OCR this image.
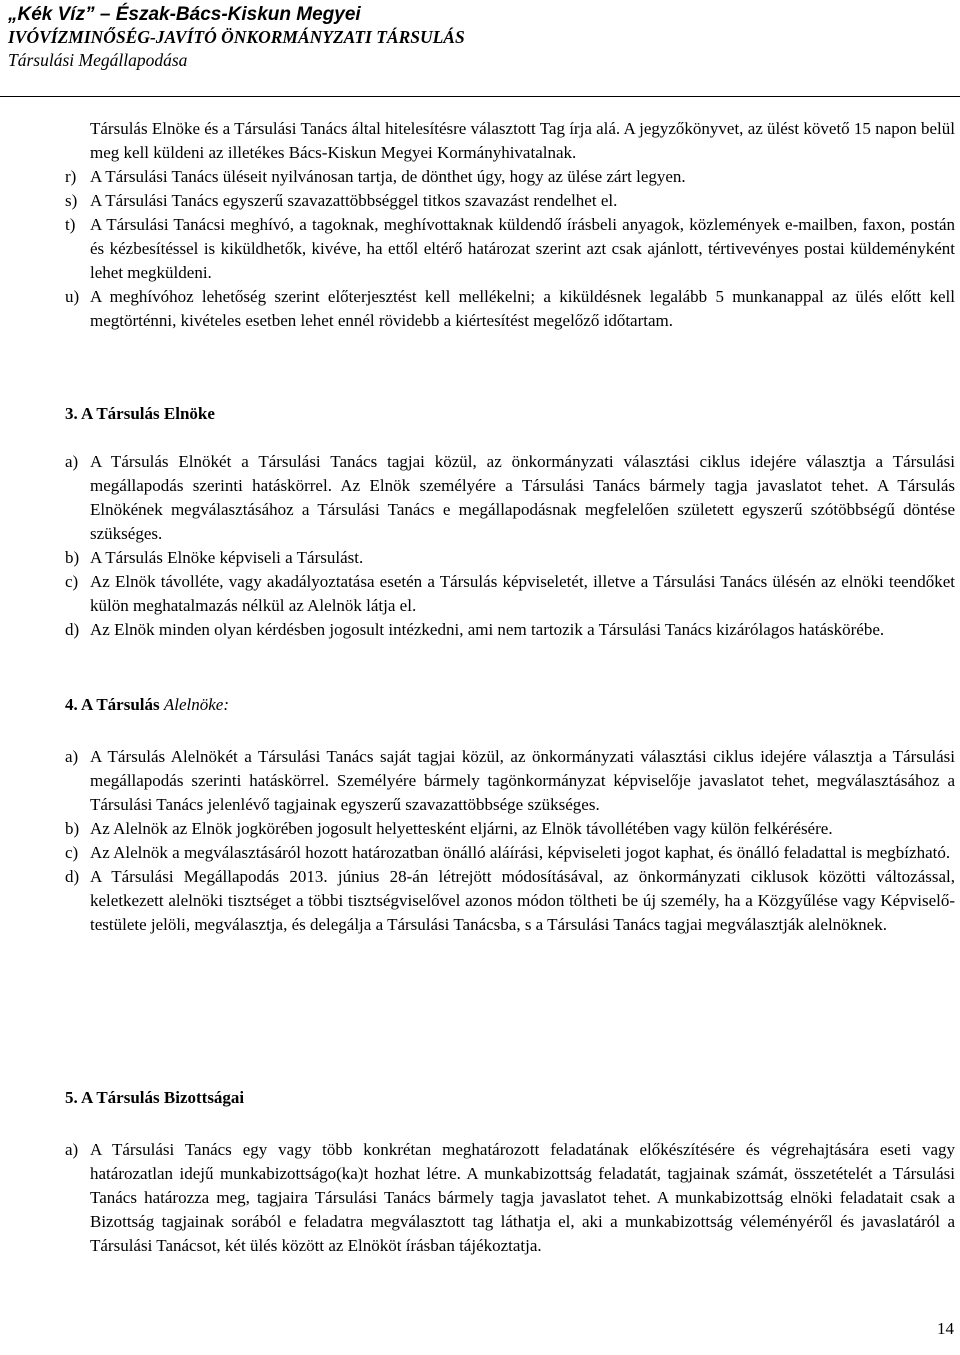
„Kék Víz” – Észak-Bács-Kiskun Megyei
IVÓVÍZMINŐSÉG-JAVÍTÓ ÖNKORMÁNYZATI TÁRSULÁS
Társulási Megállapodása
Társulás Elnöke és a Társulási Tanács által hitelesítésre választott Tag írja alá. A jegyzőkönyvet, az ülést követő 15 napon belül meg kell küldeni az illetékes Bács-Kiskun Megyei Kormányhivatalnak.
r) A Társulási Tanács üléseit nyilvánosan tartja, de dönthet úgy, hogy az ülése zárt legyen.
s) A Társulási Tanács egyszerű szavazattöbbséggel titkos szavazást rendelhet el.
t) A Társulási Tanácsi meghívó, a tagoknak, meghívottaknak küldendő írásbeli anyagok, közlemények e-mailben, faxon, postán és kézbesítéssel is kiküldhetők, kivéve, ha ettől eltérő határozat szerint azt csak ajánlott, tértivevényes postai küldeményként lehet megküldeni.
u) A meghívóhoz lehetőség szerint előterjesztést kell mellékelni; a kiküldésnek legalább 5 munkanappal az ülés előtt kell megtörténni, kivételes esetben lehet ennél rövidebb a kiértesítést megelőző időtartam.
3. A Társulás Elnöke
a) A Társulás Elnökét a Társulási Tanács tagjai közül, az önkormányzati választási ciklus idejére választja a Társulási megállapodás szerinti hatáskörrel. Az Elnök személyére a Társulási Tanács bármely tagja javaslatot tehet. A Társulás Elnökének megválasztásához a Társulási Tanács e megállapodásnak megfelelően született egyszerű szótöbbségű döntése szükséges.
b) A Társulás Elnöke képviseli a Társulást.
c) Az Elnök távolléte, vagy akadályoztatása esetén a Társulás képviseletét, illetve a Társulási Tanács ülésén az elnöki teendőket külön meghatalmazás nélkül az Alelnök látja el.
d) Az Elnök minden olyan kérdésben jogosult intézkedni, ami nem tartozik a Társulási Tanács kizárólagos hatáskörébe.
4. A Társulás Alelnöke:
a) A Társulás Alelnökét a Társulási Tanács saját tagjai közül, az önkormányzati választási ciklus idejére választja a Társulási megállapodás szerinti hatáskörrel. Személyére bármely tagönkormányzat képviselője javaslatot tehet, megválasztásához a Társulási Tanács jelenlévő tagjainak egyszerű szavazattöbbsége szükséges.
b) Az Alelnök az Elnök jogkörében jogosult helyettesként eljárni, az Elnök távollétében vagy külön felkérésére.
c) Az Alelnök a megválasztásáról hozott határozatban önálló aláírási, képviseleti jogot kaphat, és önálló feladattal is megbízható.
d) A Társulási Megállapodás 2013. június 28-án létrejött módosításával, az önkormányzati ciklusok közötti változással, keletkezett alelnöki tisztséget a többi tisztségviselővel azonos módon töltheti be új személy, ha a Közgyűlése vagy Képviselő-testülete jelöli, megválasztja, és delegálja a Társulási Tanácsba, s a Társulási Tanács tagjai megválasztják alelnöknek.
5. A Társulás Bizottságai
a) A Társulási Tanács egy vagy több konkrétan meghatározott feladatának előkészítésére és végrehajtására eseti vagy határozatlan idejű munkabizottságo(ka)t hozhat létre. A munkabizottság feladatát, tagjainak számát, összetételét a Társulási Tanács határozza meg, tagjaira Társulási Tanács bármely tagja javaslatot tehet. A munkabizottság elnöki feladatait csak a Bizottság tagjainak sorából e feladatra megválasztott tag láthatja el, aki a munkabizottság véleményéről és javaslatáról a Társulási Tanácsot, két ülés között az Elnököt írásban tájékoztatja.
14
